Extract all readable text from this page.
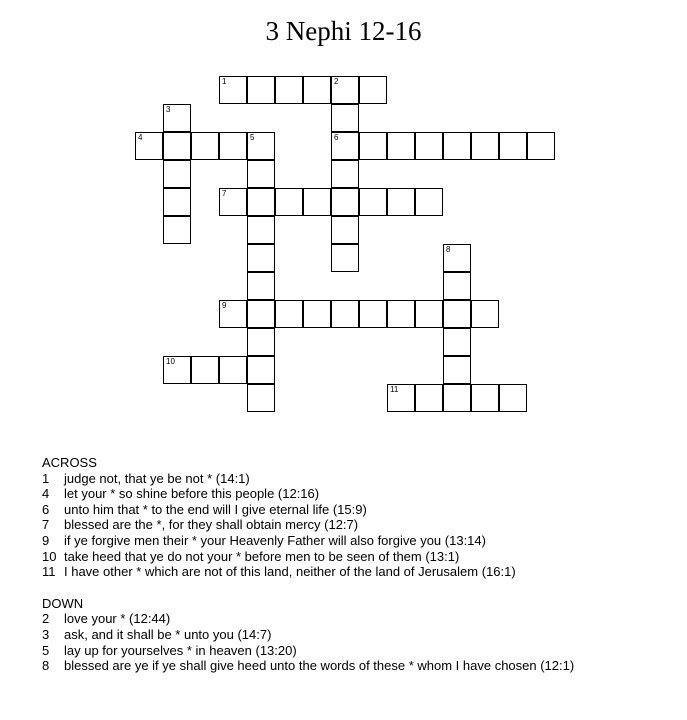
3 Nephi 12-16
1	2
4	5	6
7
9
10
11
3
8
ACROSS
1	judge not, that ye be not * (14:1)
4	let your * so shine before this people (12:16)
6	unto him that * to the end will I give eternal life (15:9)
7	blessed are the *, for they shall obtain mercy (12:7)
9	if ye forgive men their * your Heavenly Father will also forgive you (13:14)
10 take heed that ye do not your * before men to be seen of them (13:1)
11 I have other * which are not of this land, neither of the land of Jerusalem (16:1)
DOWN
2	love your * (12:44)
3	ask, and it shall be * unto you (14:7)
5	lay up for yourselves * in heaven (13:20)
8	blessed are ye if ye shall give heed unto the words of these * whom I have chosen (12:1)
